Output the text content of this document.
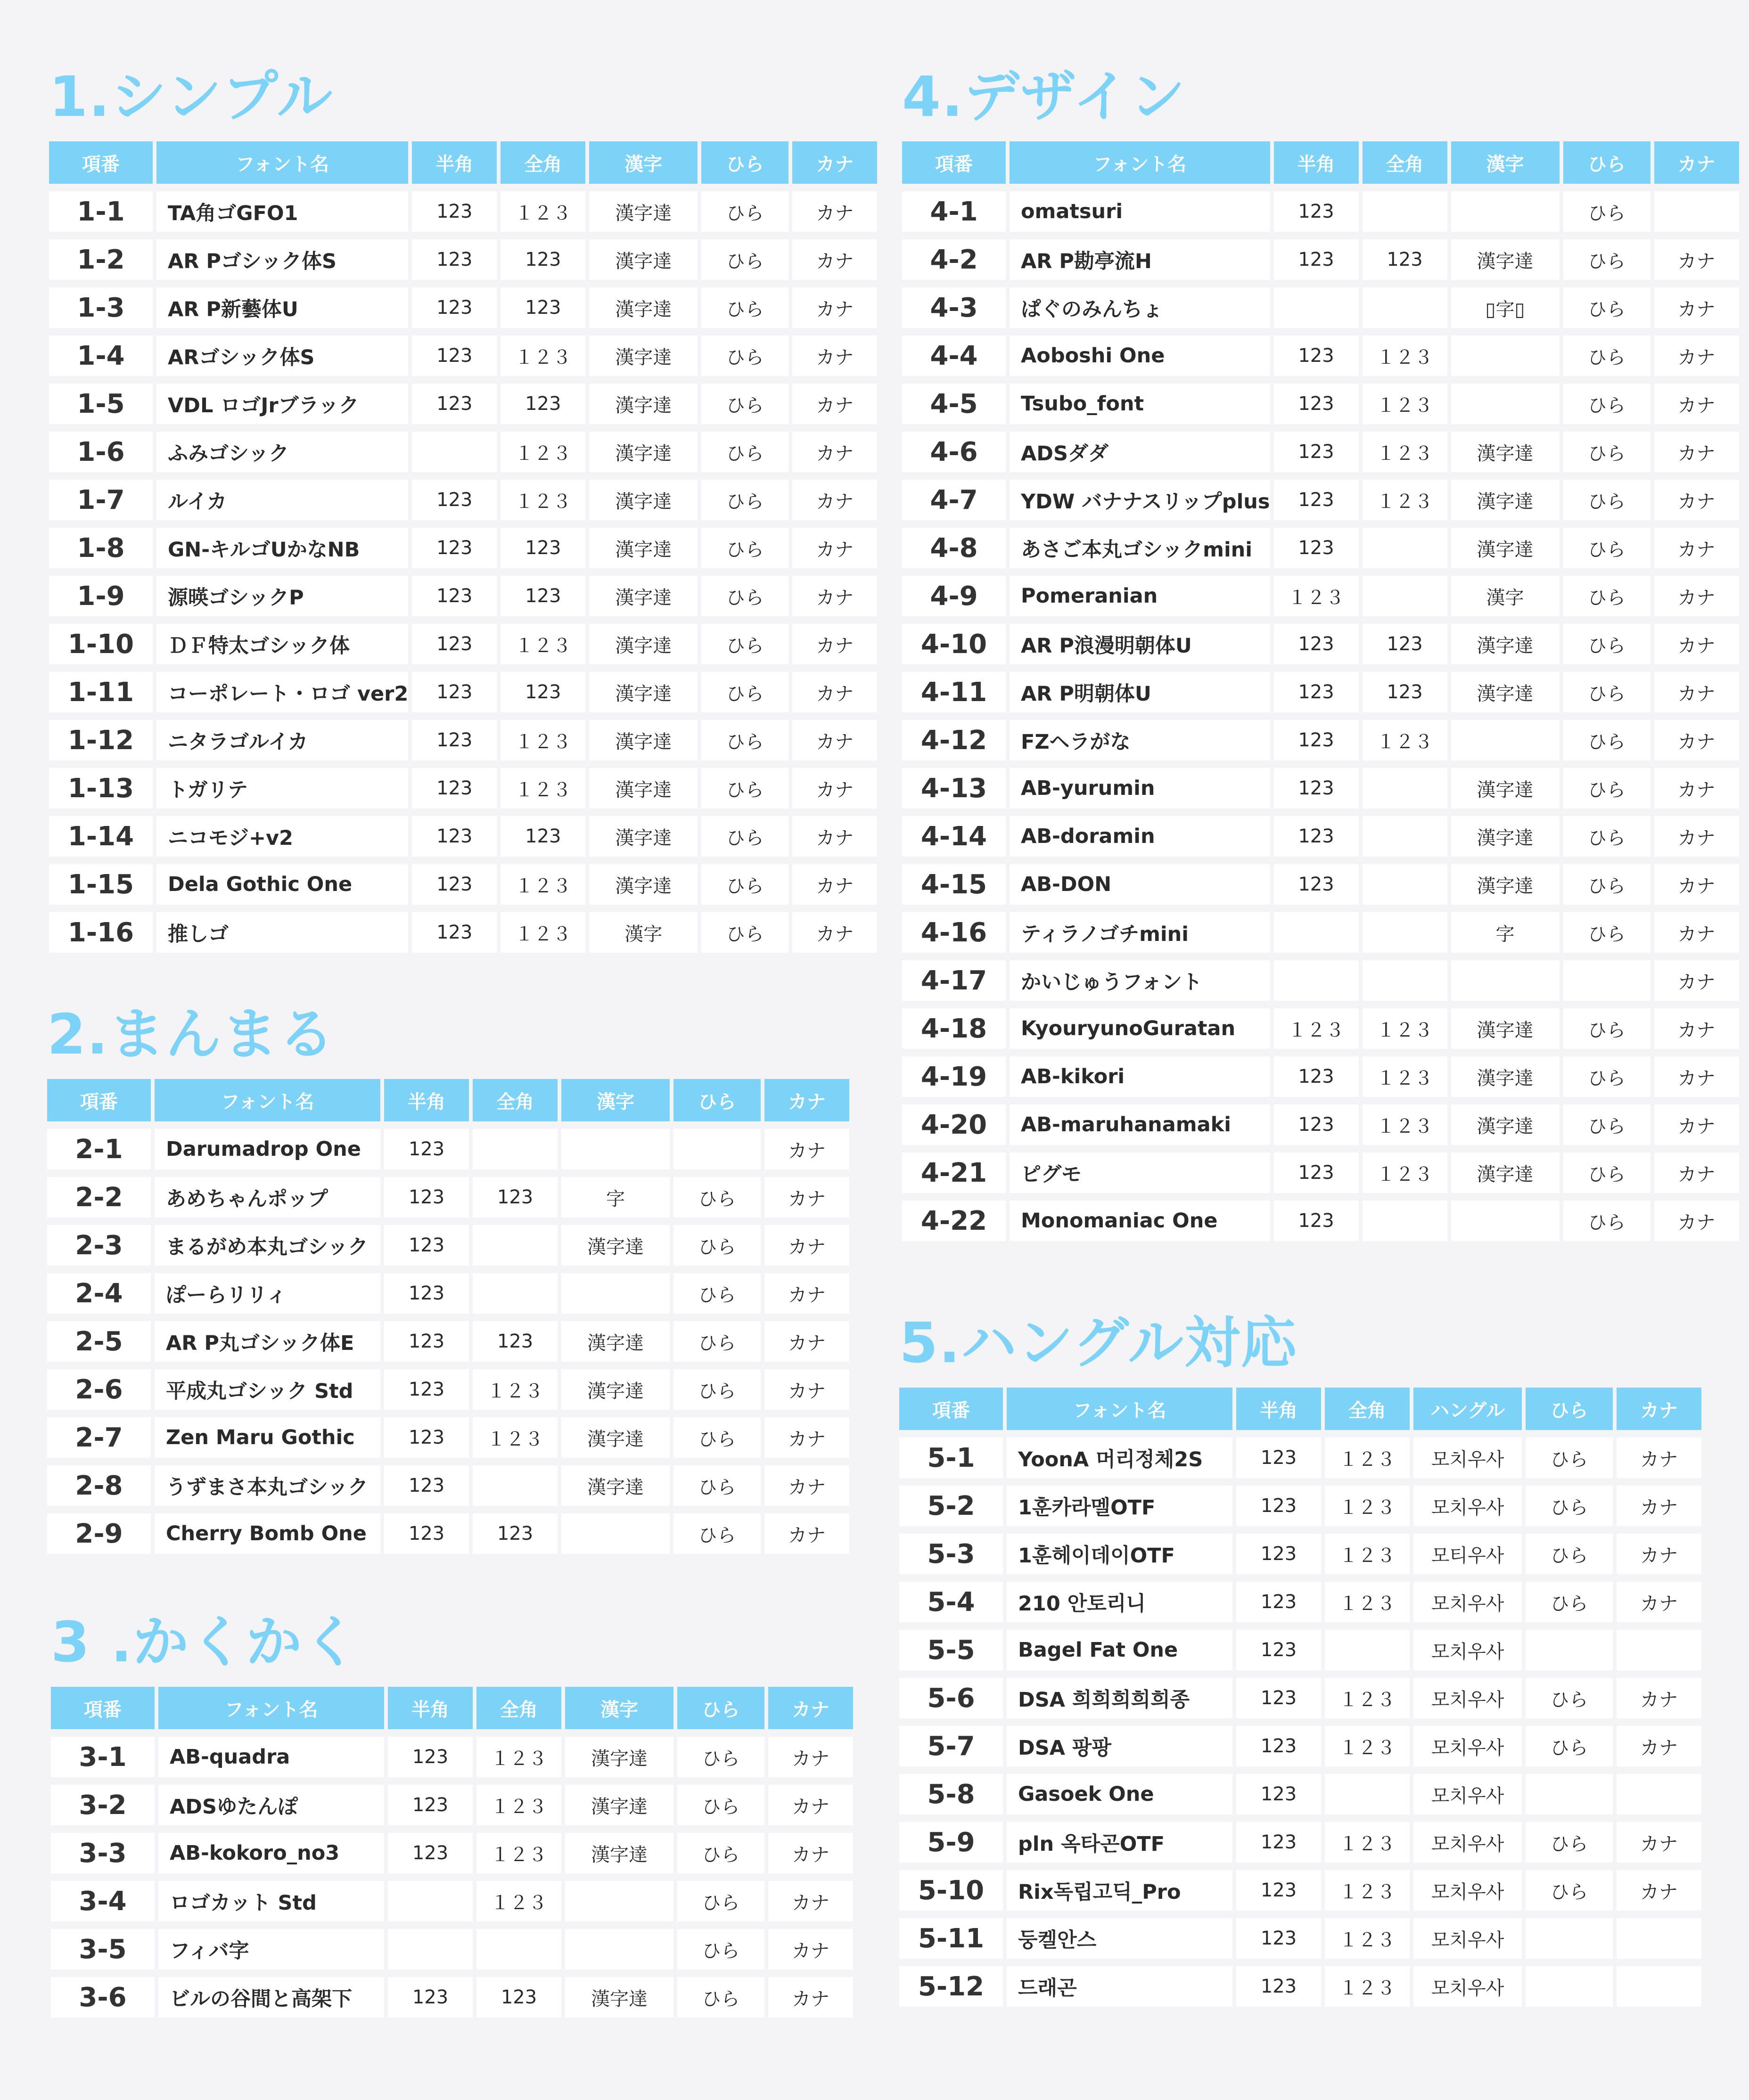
1.シンプル
項番	フォント名	半角	全角	漢字	ひら	カナ
1-1	TA角ゴGFO1	123	１２３	漢字達	ひら	カナ
1-2	AR Pゴシック体S	123	123	漢字達	ひら	カナ
1-3	AR P新藝体U	123	123	漢字達	ひら	カナ
1-4	ARゴシック体S	123	１２３	漢字達	ひら	カナ
1-5	VDL ロゴJrブラック	123	123	漢字達	ひら	カナ
1-6	ふみゴシック		１２３	漢字達	ひら	カナ
1-7	ルイカ	123	１２３	漢字達	ひら	カナ
1-8	GN-キルゴUかなNB	123	123	漢字達	ひら	カナ
1-9	源暎ゴシックP	123	123	漢字達	ひら	カナ
1-10	ＤＦ特太ゴシック体	123	１２３	漢字達	ひら	カナ
1-11	コーポレート・ロゴ ver2	123	123	漢字達	ひら	カナ
1-12	ニタラゴルイカ	123	１２３	漢字達	ひら	カナ
1-13	トガリテ	123	１２３	漢字達	ひら	カナ
1-14	ニコモジ+v2	123	123	漢字達	ひら	カナ
1-15	Dela Gothic One	123	１２３	漢字達	ひら	カナ
1-16	推しゴ	123	１２３	漢字	ひら	カナ
2.まんまる
項番	フォント名	半角	全角	漢字	ひら	カナ
2-1	Darumadrop One	123				カナ
2-2	あめちゃんポップ	123	123	字	ひら	カナ
2-3	まるがめ本丸ゴシック	123		漢字達	ひら	カナ
2-4	ぽーらリリィ	123			ひら	カナ
2-5	AR P丸ゴシック体E	123	123	漢字達	ひら	カナ
2-6	平成丸ゴシック Std	123	１２３	漢字達	ひら	カナ
2-7	Zen Maru Gothic	123	１２３	漢字達	ひら	カナ
2-8	うずまさ本丸ゴシック	123		漢字達	ひら	カナ
2-9	Cherry Bomb One	123	123		ひら	カナ
3 .かくかく
項番	フォント名	半角	全角	漢字	ひら	カナ
3-1	AB-quadra	123	１２３	漢字達	ひら	カナ
3-2	ADSゆたんぽ	123	１２３	漢字達	ひら	カナ
3-3	AB-kokoro_no3	123	１２３	漢字達	ひら	カナ
3-4	ロゴカット Std		１２３		ひら	カナ
3-5	フィバ字				ひら	カナ
3-6	ビルの谷間と高架下	123	123	漢字達	ひら	カナ
4.デザイン
項番	フォント名	半角	全角	漢字	ひら	カナ
4-1	omatsuri	123			ひら	
4-2	AR P勘亭流H	123	123	漢字達	ひら	カナ
4-3	ぱぐのみんちょ			▯字▯	ひら	カナ
4-4	Aoboshi One	123	１２３		ひら	カナ
4-5	Tsubo_font	123	１２３		ひら	カナ
4-6	ADSダダ	123	１２３	漢字達	ひら	カナ
4-7	YDW バナナスリップplus	123	１２３	漢字達	ひら	カナ
4-8	あさご本丸ゴシックmini	123		漢字達	ひら	カナ
4-9	Pomeranian	１２３		漢字	ひら	カナ
4-10	AR P浪漫明朝体U	123	123	漢字達	ひら	カナ
4-11	AR P明朝体U	123	123	漢字達	ひら	カナ
4-12	FZヘラがな	123	１２３		ひら	カナ
4-13	AB-yurumin	123		漢字達	ひら	カナ
4-14	AB-doramin	123		漢字達	ひら	カナ
4-15	AB-DON	123		漢字達	ひら	カナ
4-16	ティラノゴチmini			字	ひら	カナ
4-17	かいじゅうフォント					カナ
4-18	KyouryunoGuratan	１２３	１２３	漢字達	ひら	カナ
4-19	AB-kikori	123	１２３	漢字達	ひら	カナ
4-20	AB-maruhanamaki	123	１２３	漢字達	ひら	カナ
4-21	ピグモ	123	１２３	漢字達	ひら	カナ
4-22	Monomaniac One	123			ひら	カナ
5.ハングル対応
項番	フォント名	半角	全角	ハングル	ひら	カナ
5-1	YoonA 머리정체2S	123	１２３	모치우사	ひら	カナ
5-2	1훈카라멜OTF	123	１２３	모치우사	ひら	カナ
5-3	1훈헤이데이OTF	123	１２３	모티우사	ひら	カナ
5-4	210 안토리니	123	１２３	모치우사	ひら	カナ
5-5	Bagel Fat One	123		모치우사		
5-6	DSA 희희희희희종	123	１２３	모치우사	ひら	カナ
5-7	DSA 팡팡	123	１２３	모치우사	ひら	カナ
5-8	Gasoek One	123		모치우사		
5-9	pln 옥타곤OTF	123	１２３	모치우사	ひら	カナ
5-10	Rix독립고딕_Pro	123	１２３	모치우사	ひら	カナ
5-11	둥켈안스	123	１２３	모치우사		
5-12	드래곤	123	１２３	모치우사		
